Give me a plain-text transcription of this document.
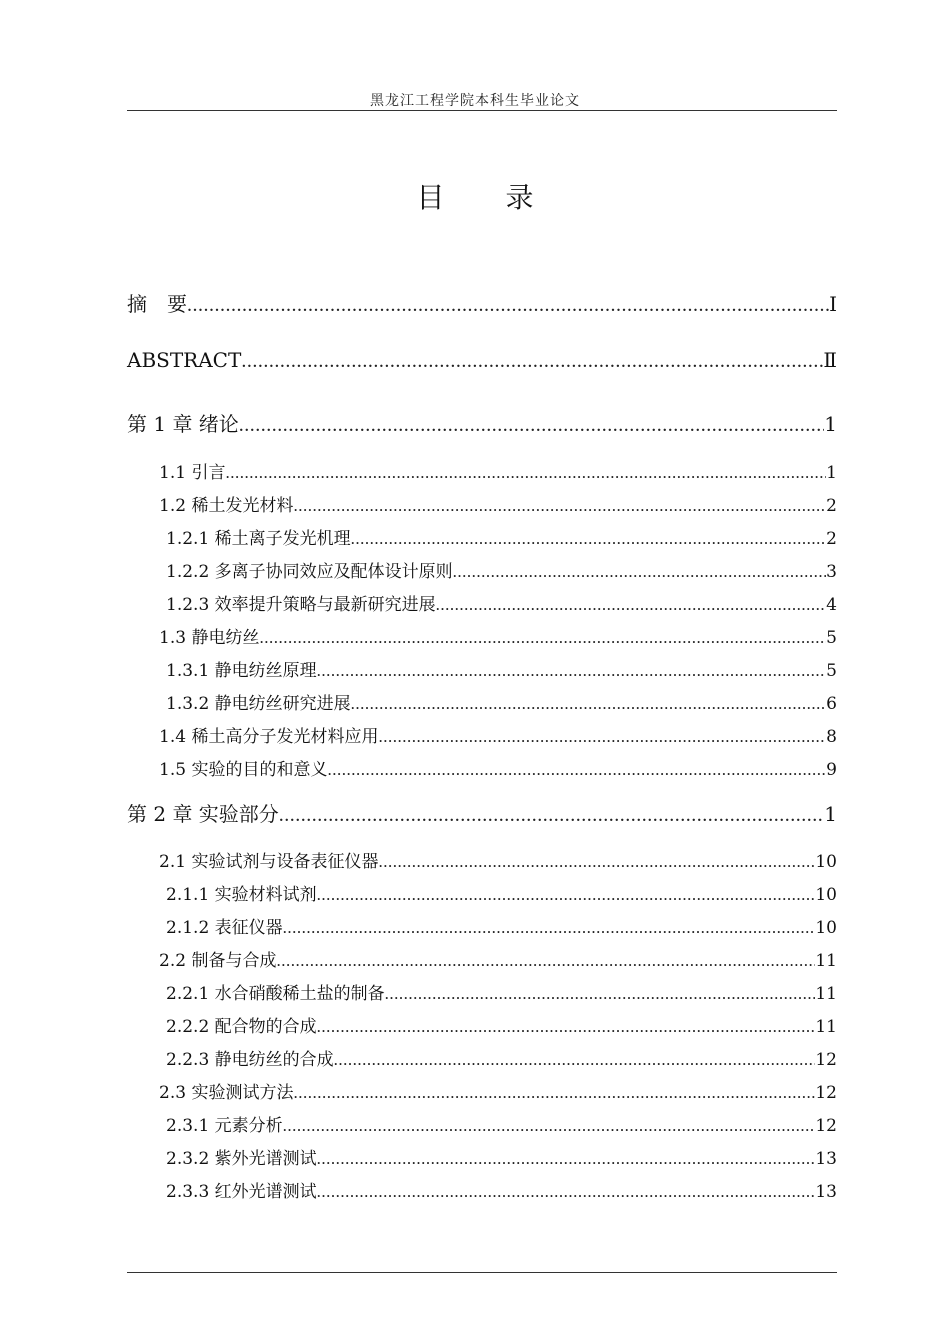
黑龙江工程学院本科生毕业论文
目 录
摘　要 .....	Ⅰ
ABSTRACT .....	Ⅱ
第 1 章 绪论 .....	1
1.1 引言 .....	1
1.2 稀土发光材料 .....	2
1.2.1 稀土离子发光机理 .....	2
1.2.2 多离子协同效应及配体设计原则 .....	3
1.2.3 效率提升策略与最新研究进展 .....	4
1.3 静电纺丝 .....	5
1.3.1 静电纺丝原理 .....	5
1.3.2 静电纺丝研究进展 .....	6
1.4 稀土高分子发光材料应用 .....	8
1.5 实验的目的和意义 .....	9
第 2 章 实验部分 .....	1
2.1 实验试剂与设备表征仪器 .....	10
2.1.1 实验材料试剂 .....	10
2.1.2 表征仪器 .....	10
2.2 制备与合成 .....	11
2.2.1 水合硝酸稀土盐的制备 .....	11
2.2.2 配合物的合成 .....	11
2.2.3 静电纺丝的合成 .....	12
2.3 实验测试方法 .....	12
2.3.1 元素分析 .....	12
2.3.2 紫外光谱测试 .....	13
2.3.3 红外光谱测试 .....	13
